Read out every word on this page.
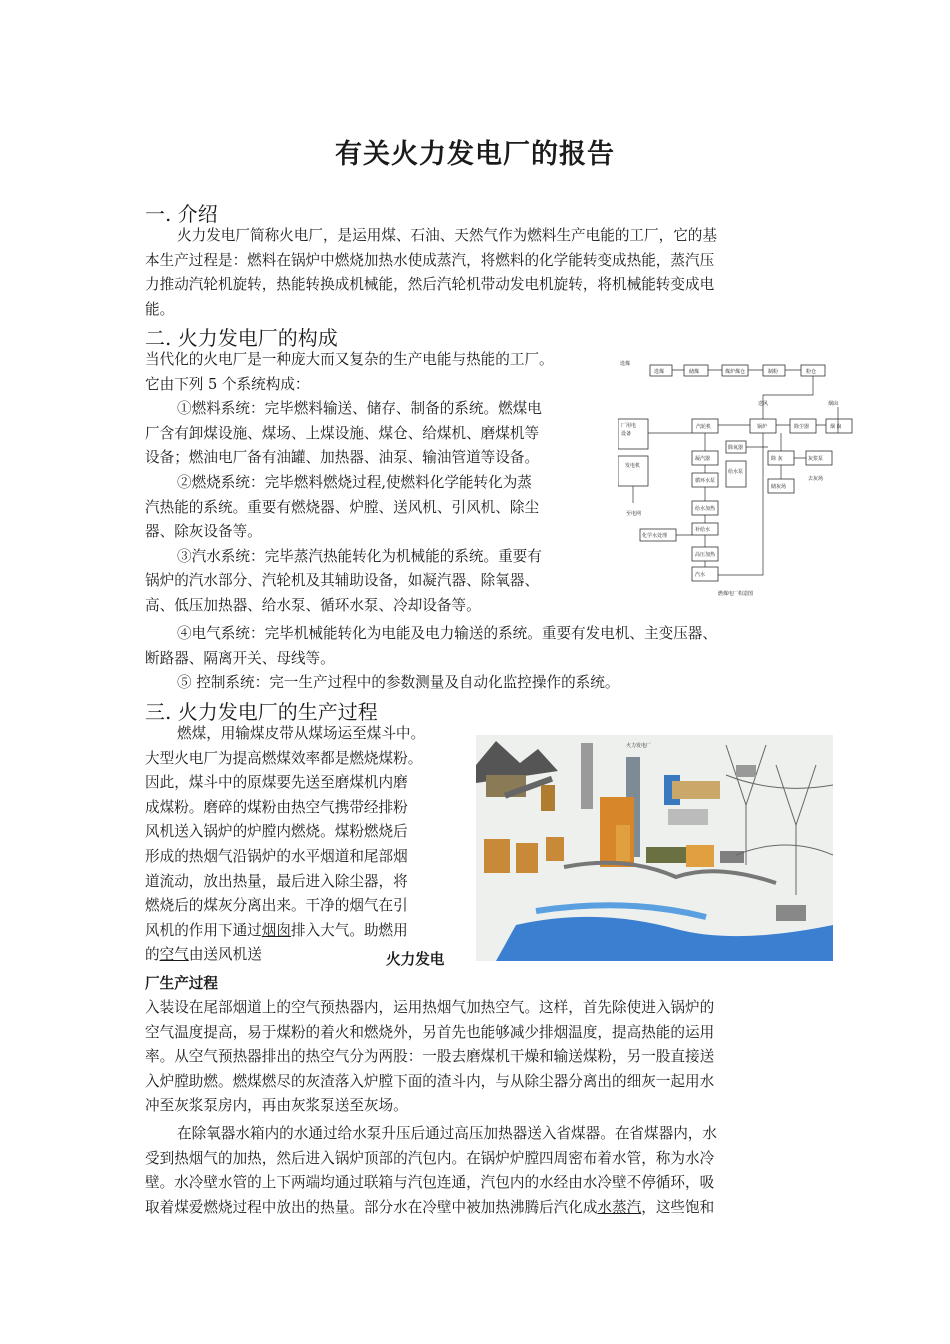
有关火力发电厂的报告
一. 介绍
火力发电厂简称火电厂，是运用煤、石油、天然气作为燃料生产电能的工厂，它的基
本生产过程是：燃料在锅炉中燃烧加热水使成蒸汽，将燃料的化学能转变成热能，蒸汽压
力推动汽轮机旋转，热能转换成机械能，然后汽轮机带动发电机旋转，将机械能转变成电
能。
二. 火力发电厂的构成
当代化的火电厂是一种庞大而又复杂的生产电能与热能的工厂。
它由下列 5 个系统构成：
①燃料系统：完毕燃料输送、储存、制备的系统。燃煤电
厂含有卸煤设施、煤场、上煤设施、煤仓、给煤机、磨煤机等
设备；燃油电厂备有油罐、加热器、油泵、输油管道等设备。
②燃烧系统：完毕燃料燃烧过程,使燃料化学能转化为蒸
汽热能的系统。重要有燃烧器、炉膛、送风机、引风机、除尘
器、除灰设备等。
③汽水系统：完毕蒸汽热能转化为机械能的系统。重要有
锅炉的汽水部分、汽轮机及其辅助设备，如凝汽器、除氧器、
高、低压加热器、给水泵、循环水泵、冷却设备等。
④电气系统：完毕机械能转化为电能及电力输送的系统。重要有发电机、主变压器、
断路器、隔离开关、母线等。
⑤ 控制系统：完一生产过程中的参数测量及自动化监控操作的系统。
选煤
选煤	储煤	煤炉煤仓	制粉	粉仓
厂用电
设备
发电机
汽轮机	锅炉	除尘器	烟 囱
凝汽器
除氧器
给水泵
除 灰	灰浆泵
循环水泵
储灰场
给水加热
化学水处理
补给水
高压加热
汽水
烟囱
送风
至电网
去灰场
燃煤电厂构造图
三. 火力发电厂的生产过程
燃煤，用输煤皮带从煤场运至煤斗中。
大型火电厂为提高燃煤效率都是燃烧煤粉。
因此，煤斗中的原煤要先送至磨煤机内磨
成煤粉。磨碎的煤粉由热空气携带经排粉
风机送入锅炉的炉膛内燃烧。煤粉燃烧后
形成的热烟气沿锅炉的水平烟道和尾部烟
道流动，放出热量，最后进入除尘器，将
燃烧后的煤灰分离出来。干净的烟气在引
风机的作用下通过烟囱排入大气。助燃用
的空气由送风机送	火力发电
厂生产过程
火力发电厂
入装设在尾部烟道上的空气预热器内，运用热烟气加热空气。这样，首先除使进入锅炉的
空气温度提高，易于煤粉的着火和燃烧外，另首先也能够减少排烟温度，提高热能的运用
率。从空气预热器排出的热空气分为两股：一股去磨煤机干燥和输送煤粉，另一股直接送
入炉膛助燃。燃煤燃尽的灰渣落入炉膛下面的渣斗内，与从除尘器分离出的细灰一起用水
冲至灰浆泵房内，再由灰浆泵送至灰场。
在除氧器水箱内的水通过给水泵升压后通过高压加热器送入省煤器。在省煤器内，水
受到热烟气的加热，然后进入锅炉顶部的汽包内。在锅炉炉膛四周密布着水管，称为水冷
壁。水冷壁水管的上下两端均通过联箱与汽包连通，汽包内的水经由水冷壁不停循环，吸
取着煤爱燃烧过程中放出的热量。部分水在冷壁中被加热沸腾后汽化成水蒸汽，这些饱和
